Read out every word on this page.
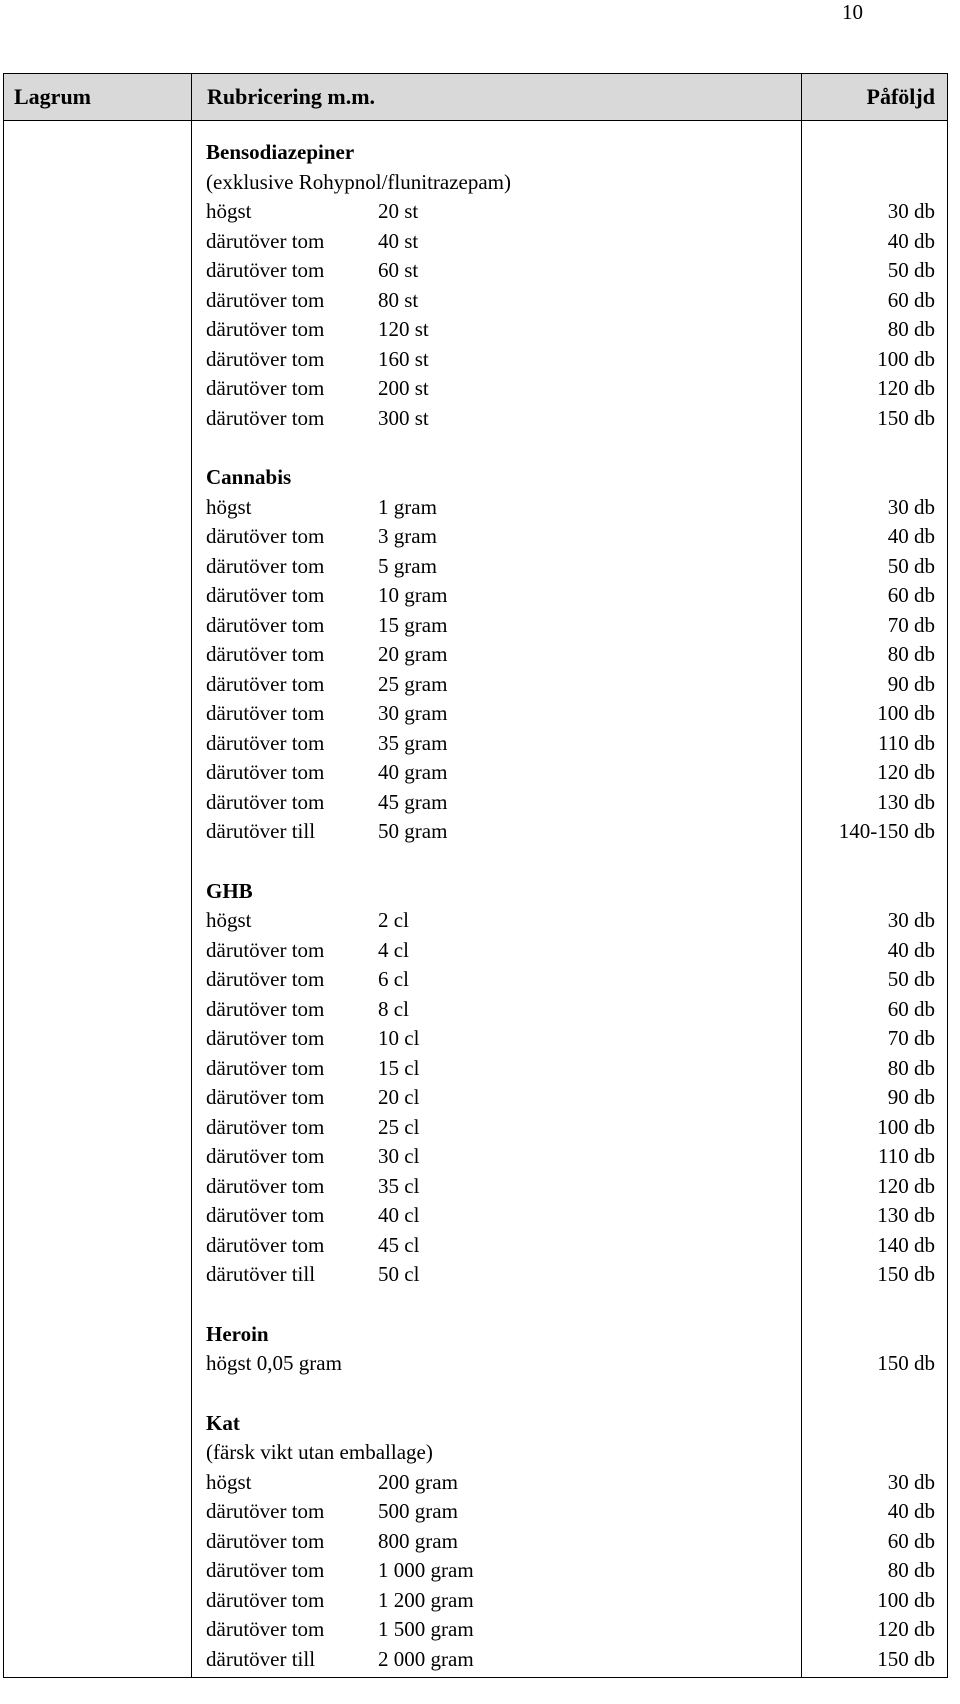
10
Lagrum	Rubricering m.m.	Påföljd
Bensodiazepiner
(exklusive Rohypnol/flunitrazepam)
högst	20 st	30 db
därutöver tom	40 st	40 db
därutöver tom	60 st	50 db
därutöver tom	80 st	60 db
därutöver tom	120 st	80 db
därutöver tom	160 st	100 db
därutöver tom	200 st	120 db
därutöver tom	300 st	150 db
Cannabis
högst	1 gram	30 db
därutöver tom	3 gram	40 db
därutöver tom	5 gram	50 db
därutöver tom	10 gram	60 db
därutöver tom	15 gram	70 db
därutöver tom	20 gram	80 db
därutöver tom	25 gram	90 db
därutöver tom	30 gram	100 db
därutöver tom	35 gram	110 db
därutöver tom	40 gram	120 db
därutöver tom	45 gram	130 db
därutöver till	50 gram	140-150 db
GHB
högst	2 cl	30 db
därutöver tom	4 cl	40 db
därutöver tom	6 cl	50 db
därutöver tom	8 cl	60 db
därutöver tom	10 cl	70 db
därutöver tom	15 cl	80 db
därutöver tom	20 cl	90 db
därutöver tom	25 cl	100 db
därutöver tom	30 cl	110 db
därutöver tom	35 cl	120 db
därutöver tom	40 cl	130 db
därutöver tom	45 cl	140 db
därutöver till	50 cl	150 db
Heroin
högst 0,05 gram	150 db
Kat
(färsk vikt utan emballage)
högst	200 gram	30 db
därutöver tom	500 gram	40 db
därutöver tom	800 gram	60 db
därutöver tom	1 000 gram	80 db
därutöver tom	1 200 gram	100 db
därutöver tom	1 500 gram	120 db
därutöver till	2 000 gram	150 db
